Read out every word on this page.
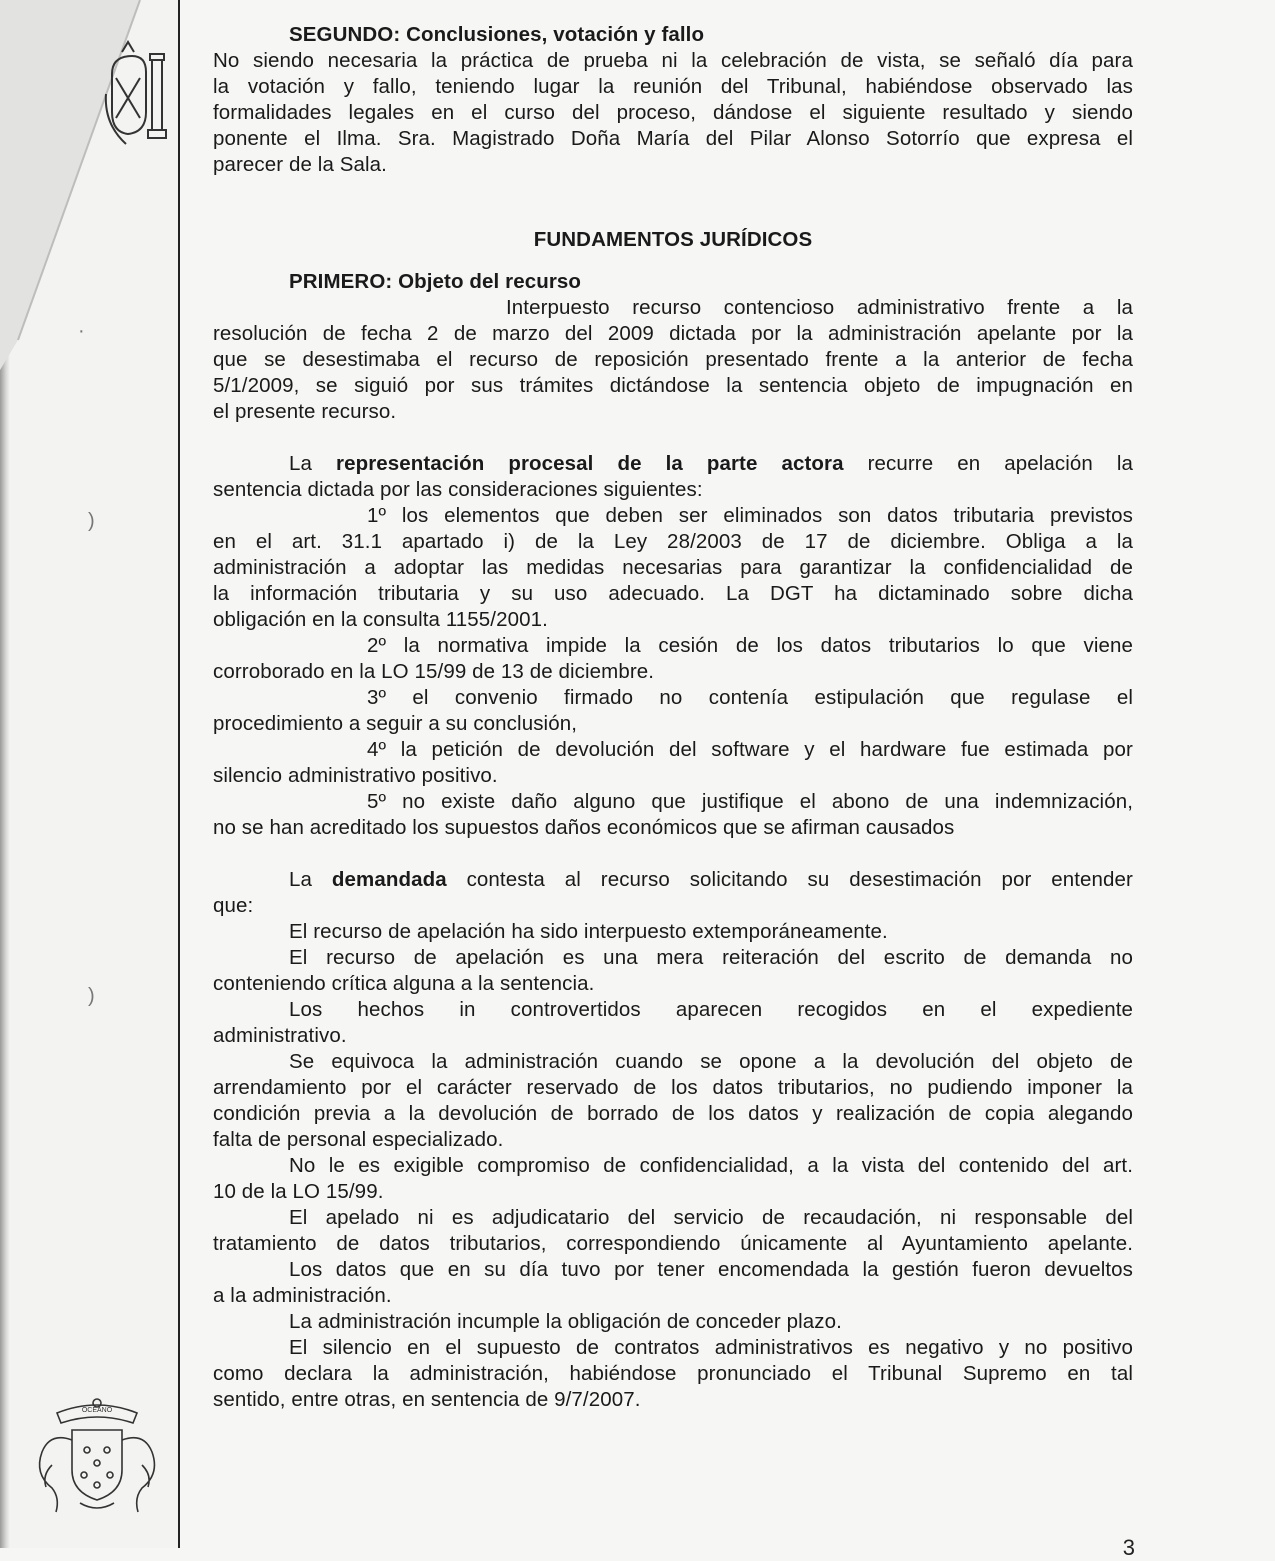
OCEANO
·
)
)
SEGUNDO: Conclusiones, votación y fallo
No siendo necesaria la práctica de prueba ni la celebración de vista, se señaló día para
la votación y fallo, teniendo lugar la reunión del Tribunal, habiéndose observado las
formalidades legales en el curso del proceso, dándose el siguiente resultado y siendo
ponente el Ilma. Sra. Magistrado Doña María del Pilar Alonso Sotorrío que expresa el
parecer de la Sala.
FUNDAMENTOS JURÍDICOS
PRIMERO: Objeto del recurso
Interpuesto recurso contencioso administrativo frente a la
resolución de fecha 2 de marzo del 2009 dictada por la administración apelante por la
que se desestimaba el recurso de reposición presentado frente a la anterior de fecha
5/1/2009, se siguió por sus trámites dictándose la sentencia objeto de impugnación en
el presente recurso.
La representación procesal de la parte actora recurre en apelación la
sentencia dictada por las consideraciones siguientes:
1º los elementos que deben ser eliminados son datos tributaria previstos
en el art. 31.1 apartado i) de la Ley 28/2003 de 17 de diciembre. Obliga a la
administración a adoptar las medidas necesarias para garantizar la confidencialidad de
la información tributaria y su uso adecuado. La DGT ha dictaminado sobre dicha
obligación en la consulta 1155/2001.
2º la normativa impide la cesión de los datos tributarios lo que viene
corroborado en la LO 15/99 de 13 de diciembre.
3º el convenio firmado no contenía estipulación que regulase el
procedimiento a seguir a su conclusión,
4º la petición de devolución del software y el hardware fue estimada por
silencio administrativo positivo.
5º no existe daño alguno que justifique el abono de una indemnización,
no se han acreditado los supuestos daños económicos que se afirman causados
La demandada contesta al recurso solicitando su desestimación por entender
que:
El recurso de apelación ha sido interpuesto extemporáneamente.
El recurso de apelación es una mera reiteración del escrito de demanda no
conteniendo crítica alguna a la sentencia.
Los hechos in controvertidos aparecen recogidos en el expediente
administrativo.
Se equivoca la administración cuando se opone a la devolución del objeto de
arrendamiento por el carácter reservado de los datos tributarios, no pudiendo imponer la
condición previa a la devolución de borrado de los datos y realización de copia alegando
falta de personal especializado.
No le es exigible compromiso de confidencialidad, a la vista del contenido del art.
10 de la LO 15/99.
El apelado ni es adjudicatario del servicio de recaudación, ni responsable del
tratamiento de datos tributarios, correspondiendo únicamente al Ayuntamiento apelante.
Los datos que en su día tuvo por tener encomendada la gestión fueron devueltos
a la administración.
La administración incumple la obligación de conceder plazo.
El silencio en el supuesto de contratos administrativos es negativo y no positivo
como declara la administración, habiéndose pronunciado el Tribunal Supremo en tal
sentido, entre otras, en sentencia de 9/7/2007.
3
